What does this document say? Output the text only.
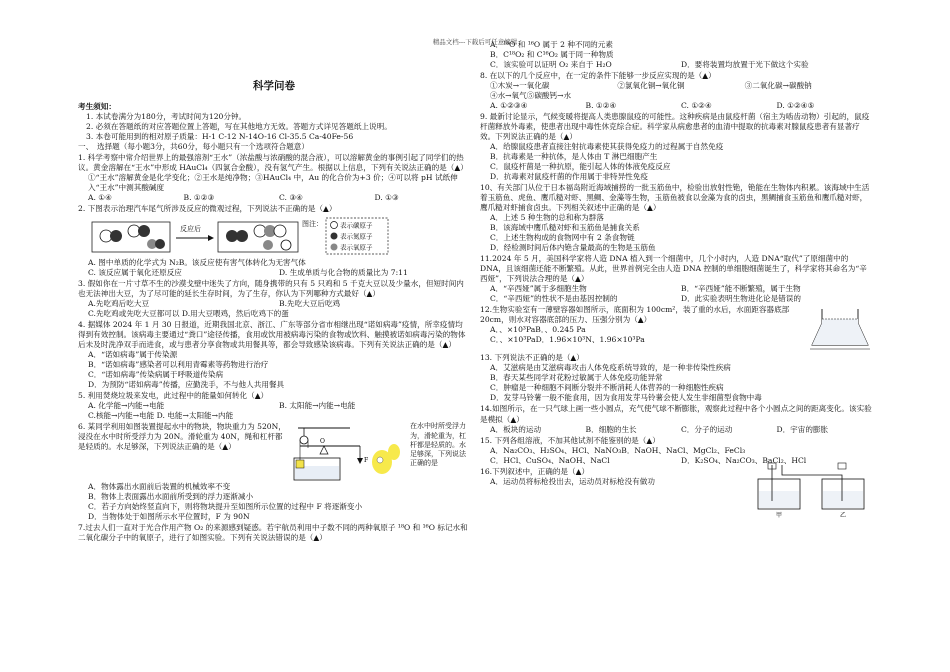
精品文档---下载后可任意编辑
科学问卷
考生须知：
1. 本试卷满分为180分，考试时间为120分钟。
2. 必须在答题纸的对应答题位置上答题，写在其他地方无效。答题方式详见答题纸上说明。
3. 本卷可能用到的相对原子质量：H-1 C-12 N-14O-16 Cl-35.5 Ca-40Fe-56
一、　选择题（每小题3分，共60分，每小题只有一个选项符合题意）
1. 科学考察中常介绍世界上的最强溶剂“王水”（浓盐酸与浓硝酸的混合液），可以溶解黄金的事例引起了同学们的热议。黄金溶解在“王水”中形成 HAuCl₄（四氯合金酸），没有氢气产生。根据以上信息，下列有关说法正确的是（▲）
①“王水”溶解黄金是化学变化；②王水是纯净物；③HAuCl₄ 中，Au 的化合价为+3 价；④可以将 pH 试纸伸入“王水”中测其酸碱度
A. ①④	B. ①②③	C. ③④	D. ①③
2. 下图表示治理汽车尾气所涉及反应的微观过程，下列说法不正确的是（▲）
反应后
图注：	表示碳原子
表示氮原子
表示氧原子
A. 图中单质的化学式为 N₂B。该反应使有害气体转化为无害气体
C. 该反应属于氧化还原反应	D. 生成单质与化合物的质量比为 7:11
3. 假如你在一片寸草不生的沙漠戈壁中迷失了方向，随身携带的只有 5 只鸡和 5 千克大豆以及少量水，但短时间内也无法神出大豆，为了尽可能的延长生存时间，为了生存，你认为下列哪种方式最好（▲）
A.先吃鸡后吃大豆	B.先吃大豆后吃鸡
C.先吃鸡或先吃大豆都可以 D.用大豆喂鸡，然后吃鸡下的蛋
4. 据媒体 2024 年 1 月 30 日报道，近期我国北京、浙江、广东等部分省市相继出现“诺如病毒”疫情，所幸疫情均得到有效控制。该病毒主要通过“粪口”途径传播，食用或饮用被病毒污染的食物或饮料、触摸被诺如病毒污染的物体后未及时洗净双手而进食，或与患者分享食物或共用餐具等，都会导致感染该病毒。下列有关说法正确的是（▲）
A．“诺如病毒”属于传染源
B．“诺如病毒”感染者可以利用青霉素等药物进行治疗
C．“诺如病毒”传染病属于呼吸道传染病
D．为预防“诺如病毒”传播，应勤洗手，不与他人共用餐具
5. 利用焚烧垃圾来发电，此过程中的能量如何转化（▲）
A. 化学能→内能→电能	B. 太阳能→内能→电能
C.核能→内能→电能 D. 电能→太阳能→内能
6. 某同学利用如图装置提起水中的物块，物块重力为 520N，浸没在水中时所受浮力为 20N。滑轮重为 40N，绳和杠杆都是轻质的。水足够深，下列说法正确的是（▲）
O
F
在水中时所受浮力为，滑轮重为，杠杆都是轻质的。水足够深，下列说法正确的是
A．物体露出水面前后装置的机械效率不变
B．物体上表面露出水面前所受到的浮力逐渐减小
C．若子方向始终竖直向下，则将物块提升至如图所示位置的过程中 F 将逐渐变小
D．当物体处于如图所示水平位置时，F 为 90N
7.过去人们一直对于光合作用产物 O₂ 的来源感到疑惑。若宇航员利用中子数不同的两种氧原子 ¹⁸O 和 ¹⁶O 标记水和二氧化碳分子中的氧原子，进行了如图实验。下列有关说法错误的是（▲）
A．¹⁸O 和 ¹⁶O 属于 2 种不同的元素
B．C¹⁸O₂ 和 C¹⁶O₂ 属于同一种物质
C．该实验可以证明 O₂ 来自于 H₂O	D．要将装置均放置于光下做这个实验
8. 在以下的几个反应中，在一定的条件下能够一步反应实现的是（▲）
①木炭→一氧化碳	②氯氧化铜→氧化铜	③二氧化碳→碳酸钠
④水→氧气⑤碳酸钙→水
A. ①②③④	B. ①②④	C. ①②④	D. ①②④⑤
9. 最新讨论显示，气候变暖将提高人类患腺鼠疫的可能性。这种疾病是由鼠疫杆菌（宿主为啮齿动物）引起的，鼠疫杆菌释放外毒素，使患者出现中毒性休克综合症。科学家从病愈患者的血清中提取的抗毒素对腺鼠疫患者有显著疗效。下列说法正确的是（▲）
A．给腺鼠疫患者直接注射抗毒素使其获得免疫力的过程属于自然免疫
B．抗毒素是一种抗体，是人体由 T 淋巴细胞产生
C．鼠疫杆菌是一种抗原，能引起人体的体液免疫反应
D．抗毒素对鼠疫杆菌的作用属于非特异性免疫
10、有关部门从位于日本福岛附近海域捕捞的一批玉筋鱼中，检验出放射性铯，铯能在生物体内积累。该海域中生活着玉筋鱼、虎鱼、鹰爪糙对虾、黑鲷、金藻等生物，玉筋鱼被食以金藻为食的卤虫，黑鲷捕食玉筋鱼和鹰爪糙对虾，鹰爪糙对虾捕食卤虫。下列相关叙述中正确的是（▲）
A．上述 5 种生物的总和称为群落
B．该海域中鹰爪糙对虾和玉筋鱼是捕食关系
C．上述生物构成的食物网中有 2 条食物链
D．经检测时间后体内铯含量最高的生物是玉筋鱼
11.2024 年 5 月，美国科学家将人造 DNA 植入到一个细菌中，几个小时内，人造 DNA“取代”了原细菌中的 DNA，且该细菌还能不断繁殖。从此，世界首例完全由人造 DNA 控制的单细胞细菌诞生了，科学家将其命名为“辛西娅”，下列说法合理的是（▲）
A．“辛西娅”属于多细胞生物	B．“辛西娅”能不断繁殖，属于生物
C．“辛西娅”的性状不是由基因控制的	D．此实验表明生物进化论是错误的
12.生物实验室有一薄壁容器如图所示，底面积为 100cm²，装了重的水后，水面距容器底部 20cm，则水对容器底部的压力、压强分别为（▲）
A．、×10³PaB．、0.245 Pa
C．、×10³PaD．1.96×10³N、1.96×10³Pa
13. 下列说法不正确的是（▲）
A．艾滋病是由艾滋病毒攻击人体免疫系统导致的，是一种非传染性疾病
B．春天某些同学对花粉过敏属于人体免疫功能异常
C．肿瘤是一种细胞不间断分裂并不断消耗人体营养的一种细胞性疾病
D．发芽马铃薯一般不能食用，因为食用发芽马铃薯会使人发生非细菌型食物中毒
14.如图所示，在一只气球上画一些小圆点，充气使气球不断膨胀，观察此过程中各个小圆点之间的距离变化。该实验是模拟（▲）
A．板块的运动	B．细胞的生长	C．分子的运动	D．宇宙的膨胀
15. 下列各组溶液，不加其他试剂不能鉴别的是（▲）
A．Na₂CO₃、H₂SO₄、HCl、NaNO₃B．NaOH、NaCl、MgCl₂、FeCl₃
C．HCl、CuSO₄、NaOH、NaCl	D．K₂SO₄、Na₂CO₃、BaCl₂、HCl
16.下列叙述中，正确的是（▲）
A．运动员将标枪投出去，运动员对标枪没有做功
甲	乙
